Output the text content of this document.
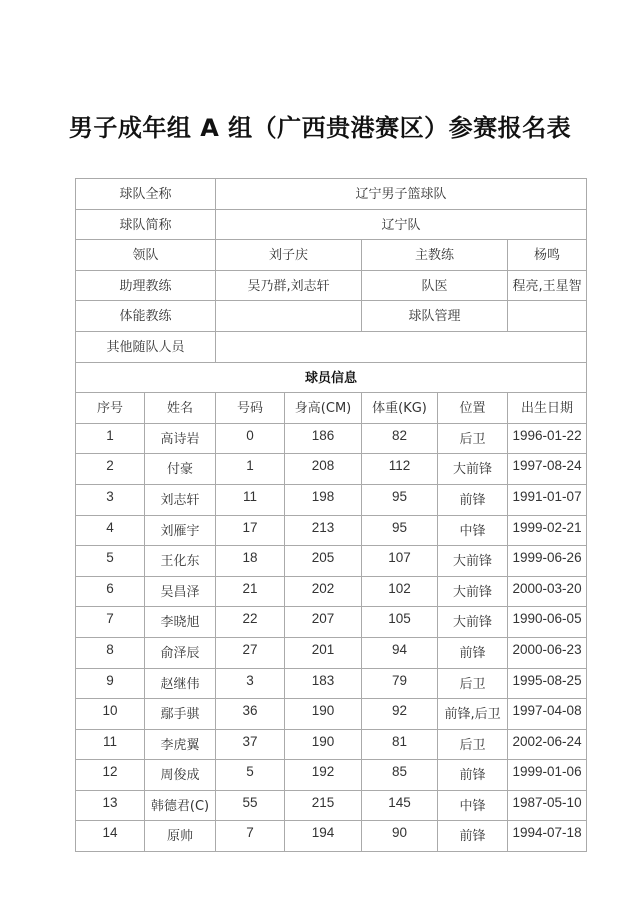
男子成年组 A 组（广西贵港赛区）参赛报名表
球队全称		辽宁男子篮球队				
球队简称		辽宁队				
领队		刘子庆		主教练		杨鸣
助理教练		吴乃群,刘志轩		队医		程亮,王星智
体能教练				球队管理		
其他随队人员						
球员信息						
序号	姓名	号码	身高(CM)	体重(KG)	位置	出生日期
1	高诗岩	0	186	82	后卫	1996-01-22
2	付豪	1	208	112	大前锋	1997-08-24
3	刘志轩	11	198	95	前锋	1991-01-07
4	刘雁宇	17	213	95	中锋	1999-02-21
5	王化东	18	205	107	大前锋	1999-06-26
6	吴昌泽	21	202	102	大前锋	2000-03-20
7	李晓旭	22	207	105	大前锋	1990-06-05
8	俞泽辰	27	201	94	前锋	2000-06-23
9	赵继伟	3	183	79	后卫	1995-08-25
10	鄢手骐	36	190	92	前锋,后卫	1997-04-08
11	李虎翼	37	190	81	后卫	2002-06-24
12	周俊成	5	192	85	前锋	1999-01-06
13	韩德君(C)	55	215	145	中锋	1987-05-10
14	原帅	7	194	90	前锋	1994-07-18
